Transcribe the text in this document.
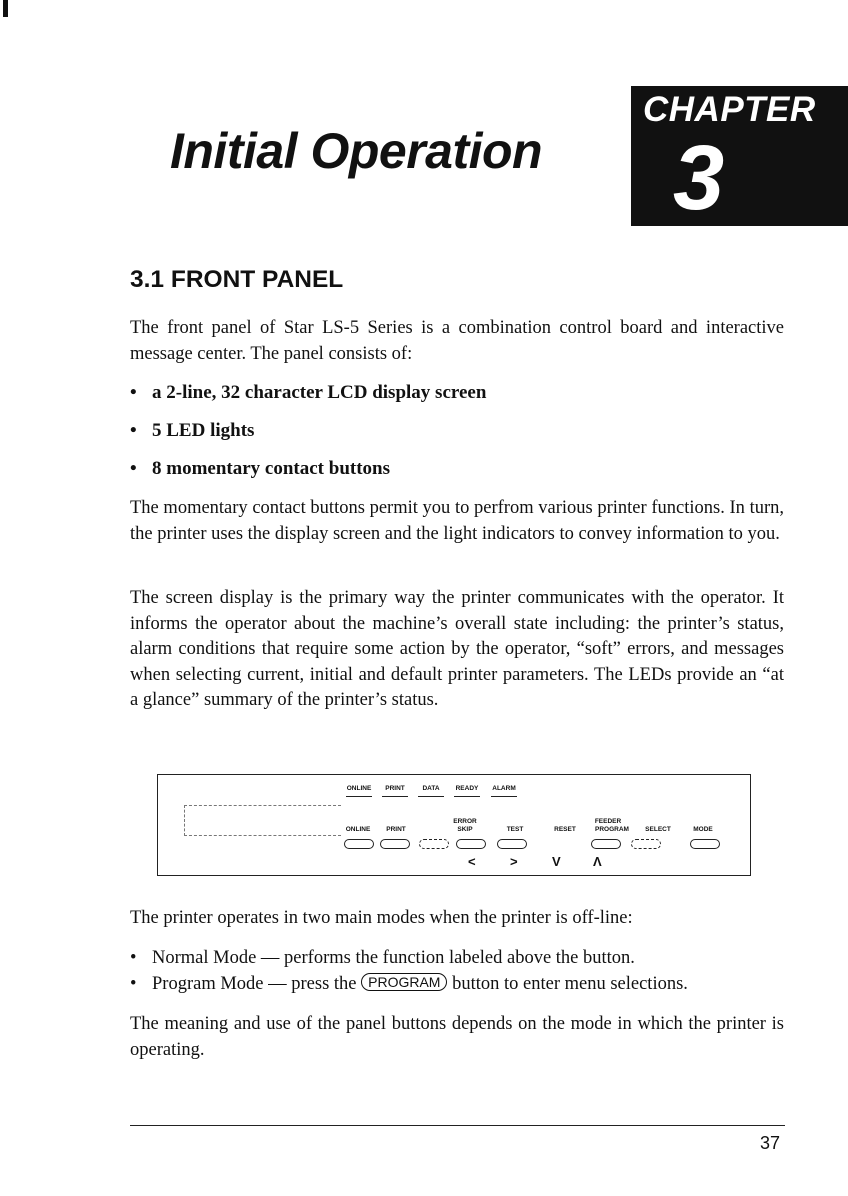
Initial Operation
CHAPTER
3
3.1 FRONT PANEL

The front panel of Star LS-5 Series is a combination control board and interactive message center. The panel consists of:

• a 2-line, 32 character LCD display screen

• 5 LED lights

• 8 momentary contact buttons

The momentary contact buttons permit you to perfrom various printer functions. In turn, the printer uses the display screen and the light indicators to convey information to you.

The screen display is the primary way the printer communicates with the operator. It informs the operator about the machine’s overall state including: the printer’s status, alarm conditions that require some action by the operator, “soft” errors, and messages when selecting current, initial and default printer parameters. The LEDs provide an “at a glance” summary of the printer’s status.

ONLINE	PRINT	DATA	READY	ALARM
ERROR	FEEDER
ONLINE	PRINT	SKIP	TEST	RESET	PROGRAM	SELECT	MODE
<	>	V Λ

The printer operates in two main modes when the printer is off-line:

• Normal Mode — performs the function labeled above the button.

• Program Mode — press the PROGRAM button to enter menu selections.

The meaning and use of the panel buttons depends on the mode in which the printer is operating.

37
